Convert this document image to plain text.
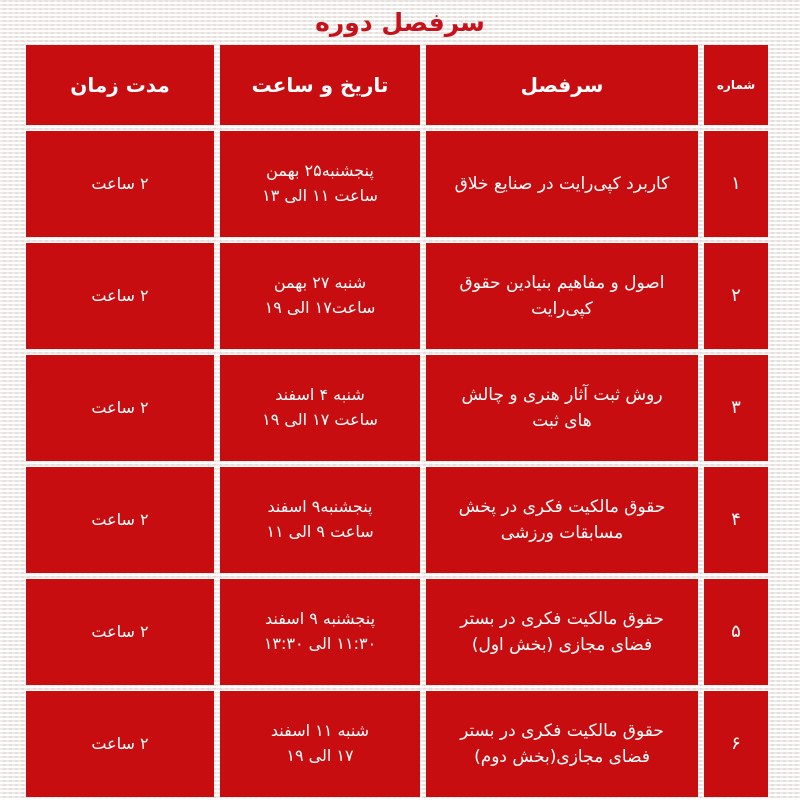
سرفصل دوره
شماره
سرفصل
تاریخ و ساعت
مدت زمان
۱
کاربرد کپی‌رایت در صنایع خلاق
پنجشنبه۲۵ بهمن
ساعت ۱۱ الی ۱۳
۲ ساعت
۲
اصول و مفاهیم بنیادین حقوق
کپی‌رایت
شنبه ۲۷ بهمن
ساعت۱۷ الی ۱۹
۲ ساعت
۳
روش ثبت آثار هنری و چالش
های ثبت
شنبه ۴ اسفند
ساعت ۱۷ الی ۱۹
۲ ساعت
۴
حقوق مالکیت فکری در پخش
مسابقات ورزشی
پنجشنبه۹ اسفند
ساعت ۹ الی ۱۱
۲ ساعت
۵
حقوق مالکیت فکری در بستر
فضای مجازی (بخش اول)
پنجشنبه ۹ اسفند
۱۱:۳۰ الی ۱۳:۳۰
۲ ساعت
۶
حقوق مالکیت فکری در بستر
فضای مجازی(بخش دوم)
شنبه ۱۱ اسفند
۱۷ الی ۱۹
۲ ساعت
